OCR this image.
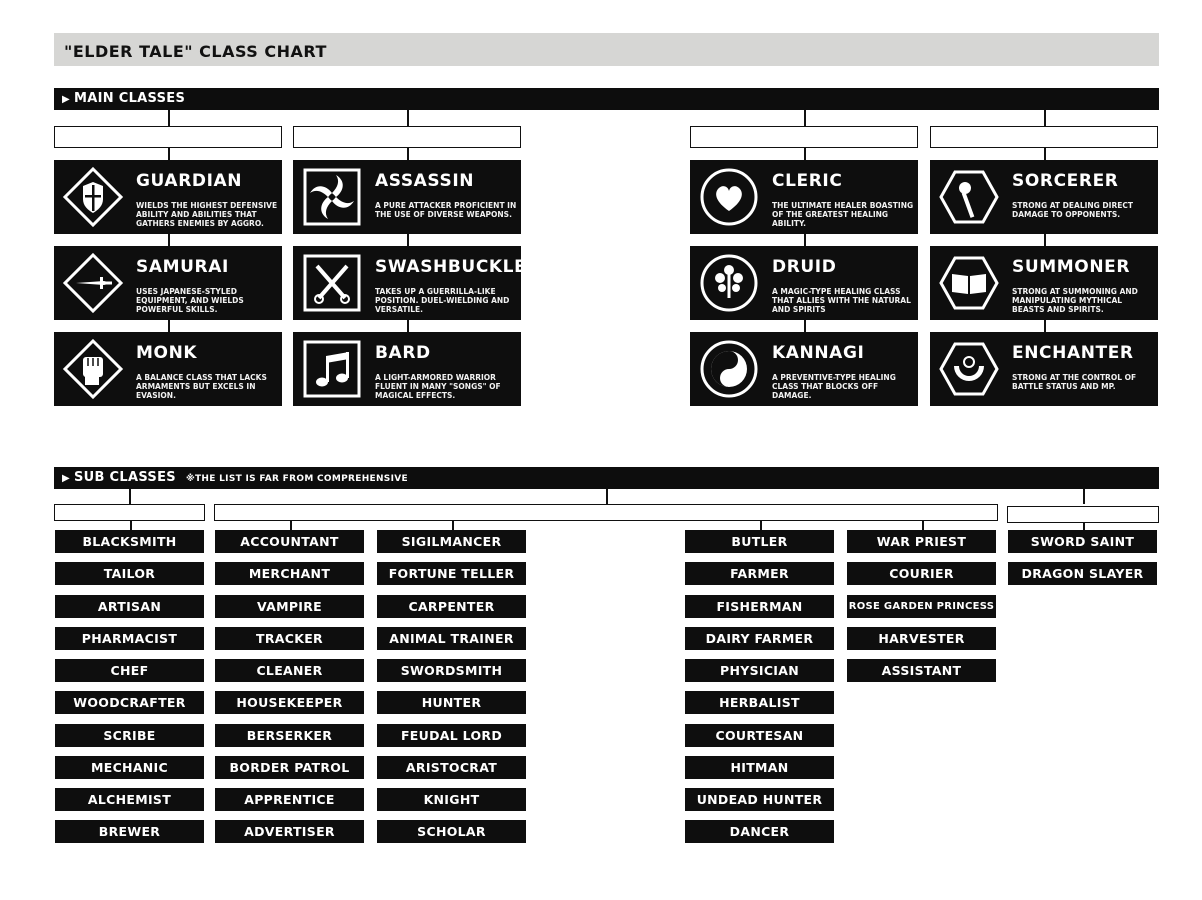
"ELDER TALE" CLASS CHART
▶ MAIN CLASSES
GUARDIAN
WIELDS THE HIGHEST DEFENSIVE ABILITY AND ABILITIES THAT GATHERS ENEMIES BY AGGRO.
SAMURAI
USES JAPANESE-STYLED EQUIPMENT, AND WIELDS POWERFUL SKILLS.
MONK
A BALANCE CLASS THAT LACKS ARMAMENTS BUT EXCELS IN EVASION.
ASSASSIN
A PURE ATTACKER PROFICIENT IN THE USE OF DIVERSE WEAPONS.
SWASHBUCKLER
TAKES UP A GUERRILLA-LIKE POSITION. DUEL-WIELDING AND VERSATILE.
BARD
A LIGHT-ARMORED WARRIOR FLUENT IN MANY "SONGS" OF MAGICAL EFFECTS.
CLERIC
THE ULTIMATE HEALER BOASTING OF THE GREATEST HEALING ABILITY.
DRUID
A MAGIC-TYPE HEALING CLASS THAT ALLIES WITH THE NATURAL AND SPIRITS
KANNAGI
A PREVENTIVE-TYPE HEALING CLASS THAT BLOCKS OFF DAMAGE.
SORCERER
STRONG AT DEALING DIRECT DAMAGE TO OPPONENTS.
SUMMONER
STRONG AT SUMMONING AND MANIPULATING MYTHICAL BEASTS AND SPIRITS.
ENCHANTER
STRONG AT THE CONTROL OF BATTLE STATUS AND MP.
▶ SUB CLASSES ※THE LIST IS FAR FROM COMPREHENSIVE
BLACKSMITH
TAILOR
ARTISAN
PHARMACIST
CHEF
WOODCRAFTER
SCRIBE
MECHANIC
ALCHEMIST
BREWER
ACCOUNTANT
MERCHANT
VAMPIRE
TRACKER
CLEANER
HOUSEKEEPER
BERSERKER
BORDER PATROL
APPRENTICE
ADVERTISER
SIGILMANCER
FORTUNE TELLER
CARPENTER
ANIMAL TRAINER
SWORDSMITH
HUNTER
FEUDAL LORD
ARISTOCRAT
KNIGHT
SCHOLAR
BUTLER
FARMER
FISHERMAN
DAIRY FARMER
PHYSICIAN
HERBALIST
COURTESAN
HITMAN
UNDEAD HUNTER
DANCER
WAR PRIEST
COURIER
ROSE GARDEN PRINCESS
HARVESTER
ASSISTANT
SWORD SAINT
DRAGON SLAYER
